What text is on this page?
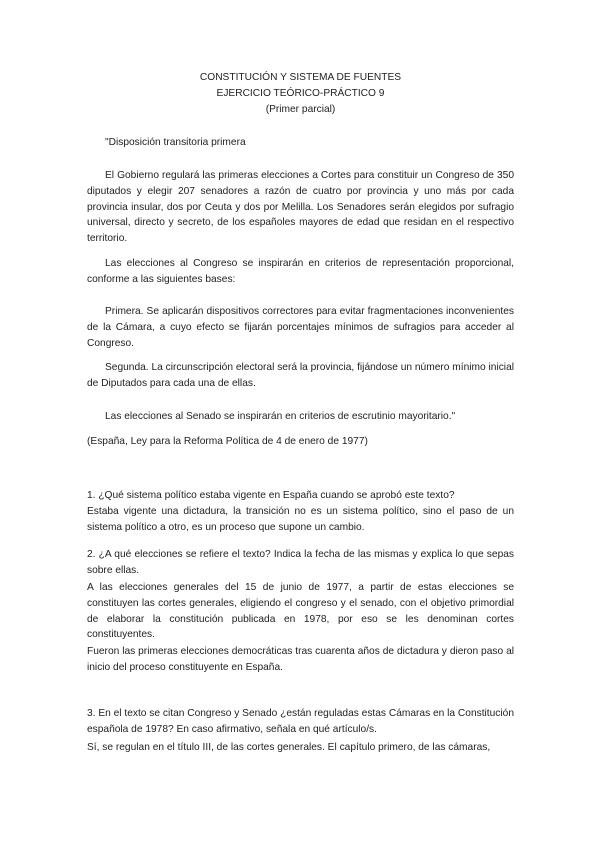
CONSTITUCIÓN Y SISTEMA DE FUENTES
EJERCICIO TEÓRICO-PRÁCTICO 9
(Primer parcial)

"Disposición transitoria primera

El Gobierno regulará las primeras elecciones a Cortes para constituir un Congreso de 350 diputados y elegir 207 senadores a razón de cuatro por provincia y uno más por cada provincia insular, dos por Ceuta y dos por Melilla. Los Senadores serán elegidos por sufragio universal, directo y secreto, de los españoles mayores de edad que residan en el respectivo territorio.

Las elecciones al Congreso se inspirarán en criterios de representación proporcional, conforme a las siguientes bases:

Primera. Se aplicarán dispositivos correctores para evitar fragmentaciones inconvenientes de la Cámara, a cuyo efecto se fijarán porcentajes mínimos de sufragios para acceder al Congreso.

Segunda. La circunscripción electoral será la provincia, fijándose un número mínimo inicial de Diputados para cada una de ellas.

Las elecciones al Senado se inspirarán en criterios de escrutinio mayoritario."

(España, Ley para la Reforma Política de 4 de enero de 1977)

1. ¿Qué sistema político estaba vigente en España cuando se aprobó este texto?

Estaba vigente una dictadura, la transición no es un sistema político, sino el paso de un sistema político a otro, es un proceso que supone un cambio.

2. ¿A qué elecciones se refiere el texto? Indica la fecha de las mismas y explica lo que sepas sobre ellas.

A las elecciones generales del 15 de junio de 1977, a partir de estas elecciones se constituyen las cortes generales, eligiendo el congreso y el senado, con el objetivo primordial de elaborar la constitución publicada en 1978, por eso se les denominan cortes constituyentes.

Fueron las primeras elecciones democráticas tras cuarenta años de dictadura y dieron paso al inicio del proceso constituyente en España.

3. En el texto se citan Congreso y Senado ¿están reguladas estas Cámaras en la Constitución española de 1978? En caso afirmativo, señala en qué artículo/s.

Sí, se regulan en el título III, de las cortes generales. El capítulo primero, de las cámaras,
